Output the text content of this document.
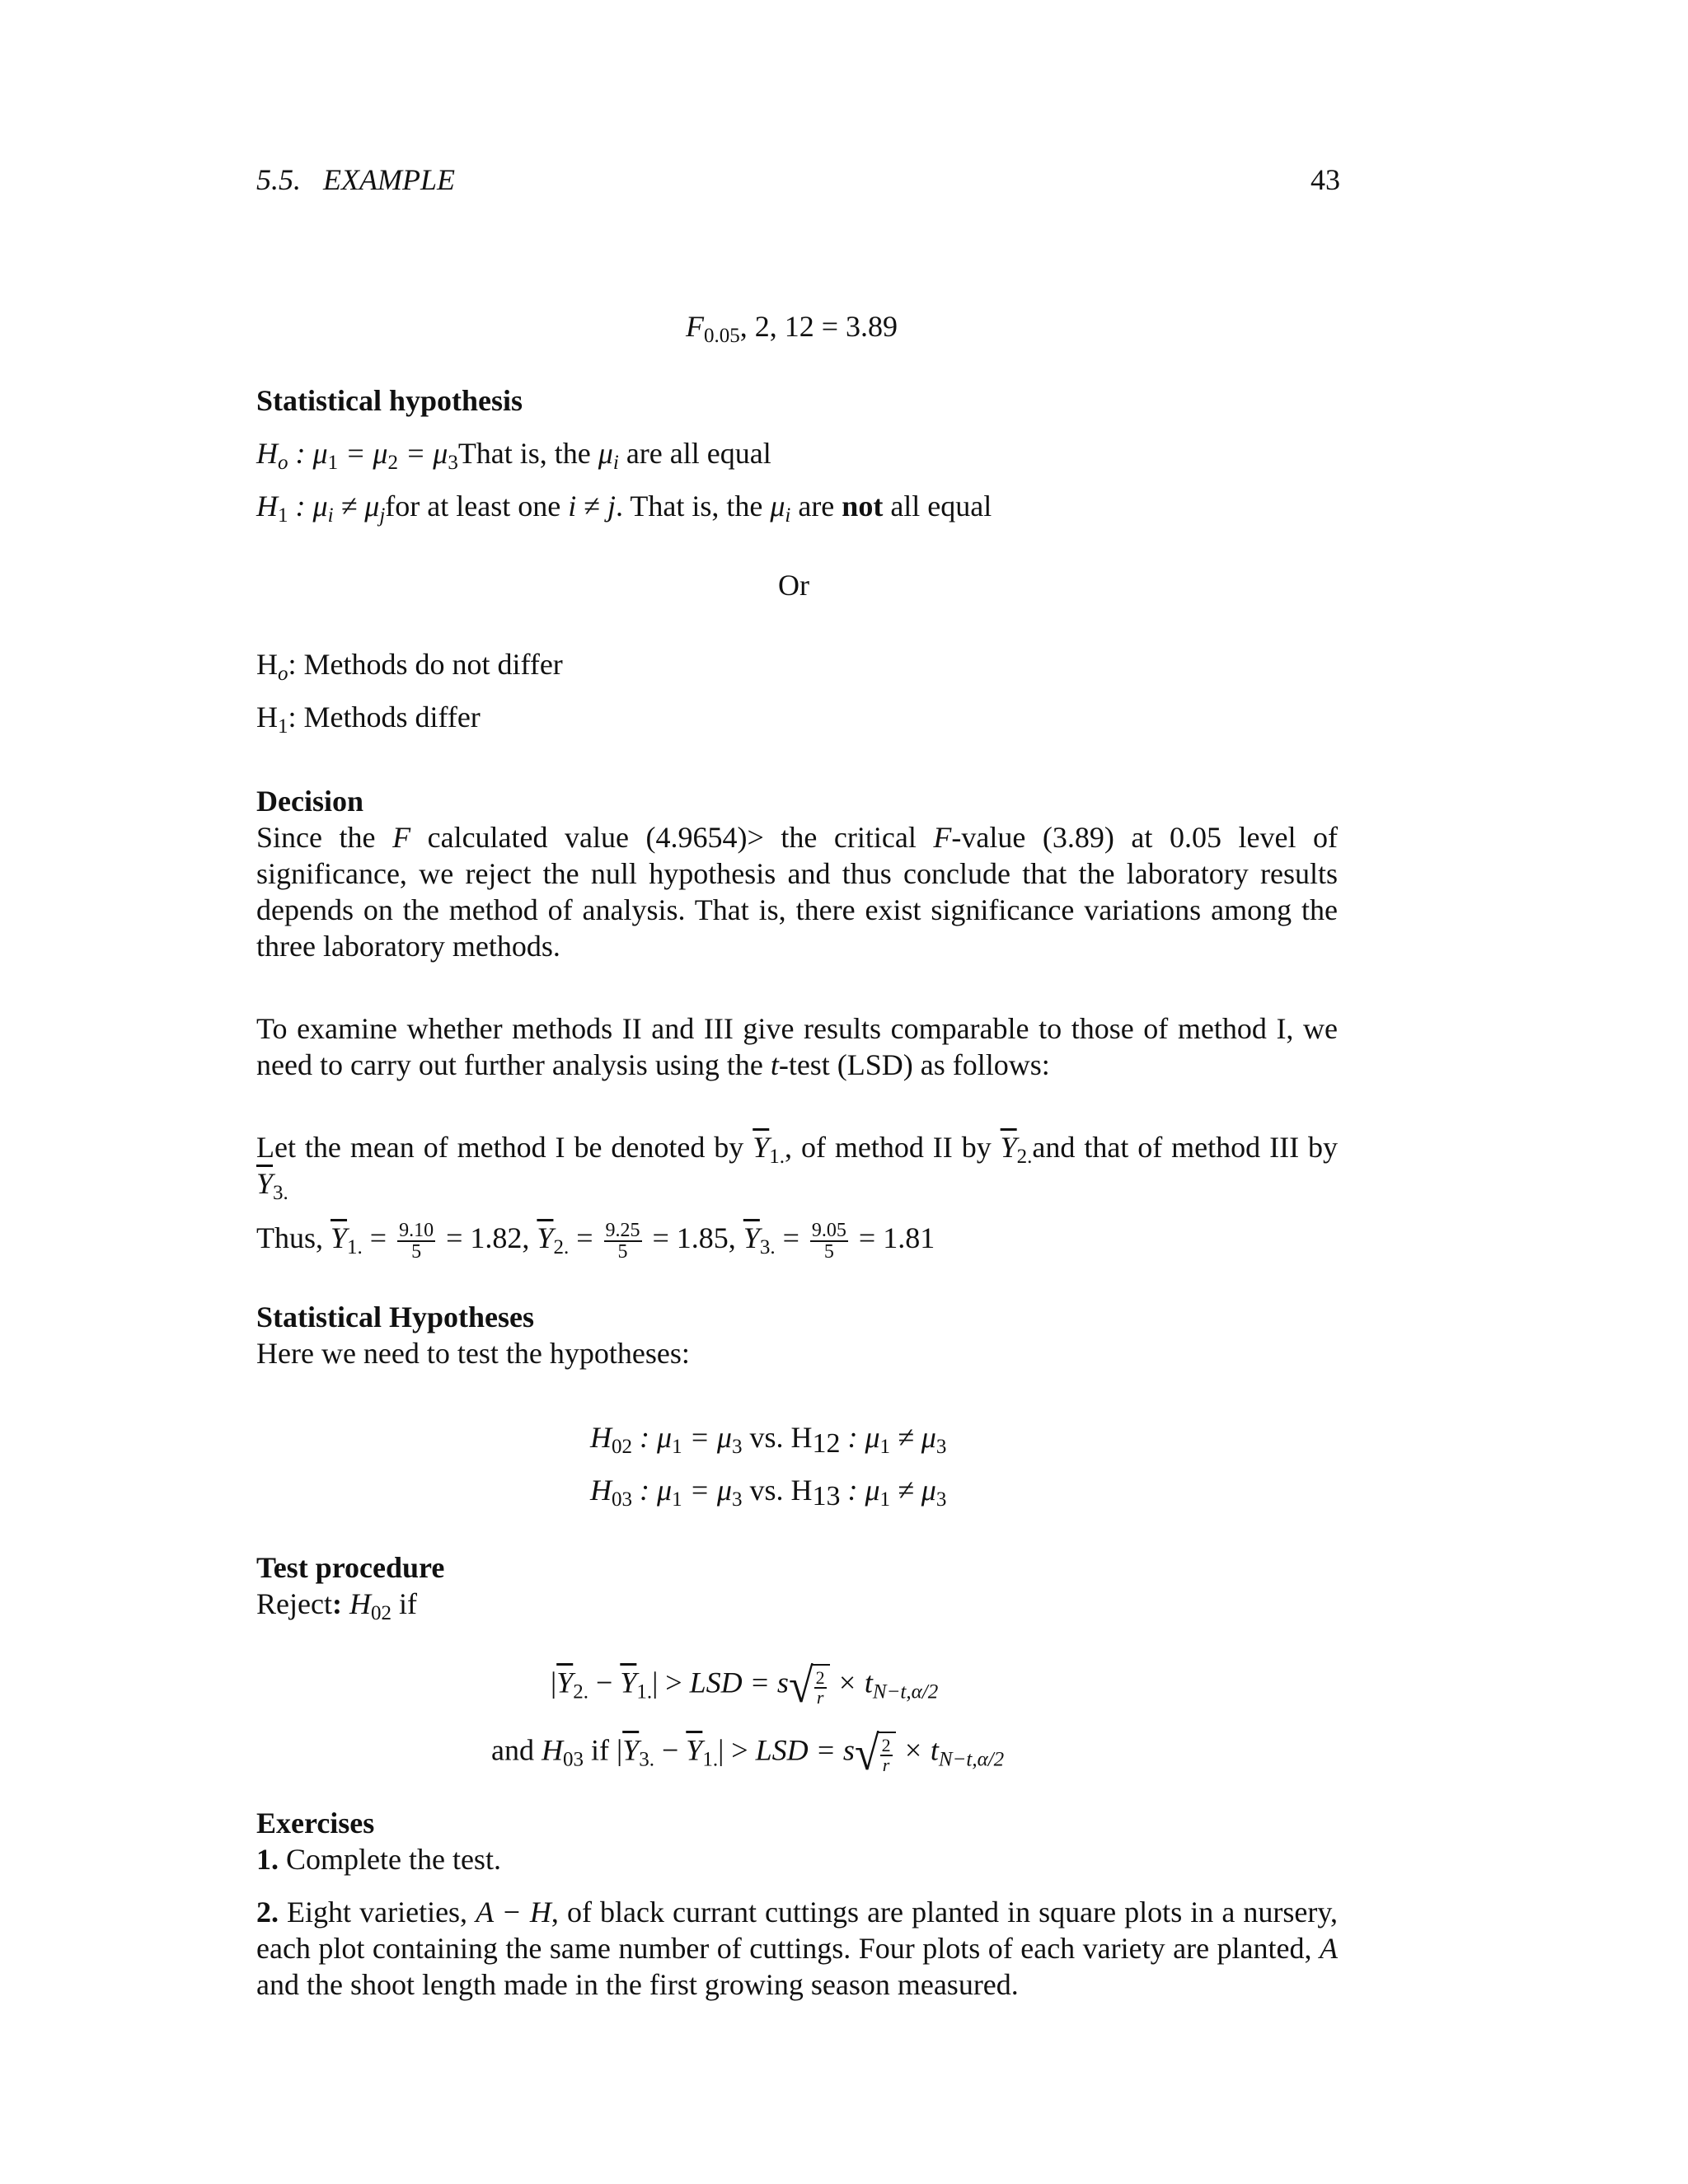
5.5. EXAMPLE	43
$F_{0.05}$, 2, 12 = 3.89
Statistical hypothesis
$H_o$ : $\mu_1 = \mu_2$ = $\mu_3That$ is, the $\mu_i$ are all equal
$H_1$ : $\mu_i \ne \mu_jfor$ at least one i ≠ j. That is, the $\mu_i$ are not all equal
Or
$H_o$: Methods do not differ
$H_1$: Methods differ
Decision
Since the F calculated value (4.9654)> the critical F-value (3.89) at 0.05 level of significance, we reject the null hypothesis and thus conclude that the laboratory results depends on the method of analysis. That is, there exist significance variations among the three laboratory methods.
To examine whether methods II and III give results comparable to those of method I, we need to carry out further analysis using the t-test (LSD) as follows:
Let the mean of method I be denoted by $\overline{Y}_{1.}$, of method II by $\overline{Y}_{2.}and$ that of method III by $\overline{Y}_{3.}$
Thus, $\overline{Y}_{1.} = \frac{9.10}{5} = 1.82$, $\overline{Y}_{2.} = \frac{9.25}{5} = 1.85$, $\overline{Y}_{3.} = \frac{9.05}{5} = 1.81$
Statistical Hypotheses
Here we need to test the hypotheses:
$H_{02}$ : $\mu_1 = \mu_3$ vs. $H_{12}$ : $\mu_1 \ne \mu_3$
$H_{03}$ : $\mu_1 = \mu_3$ vs. $H_{13}$ : $\mu_1 \ne \mu_3$
Test procedure
Reject: $H_{02}$ if
$|\overline{Y}_{2.} - \overline{Y}_{1.}|$ > LSD = $s√ \frac{2}{r} \times t_{N-t,\alpha/2}$
and $H_{03}$ if $|\overline{Y}_{3.} - \overline{Y}_{1.}|$ > LSD = $s√ \frac{2}{r} \times t_{N-t,\alpha/2}$
Exercises
1. Complete the test.
2. Eight varieties, A − H, of black currant cuttings are planted in square plots in a nursery, each plot containing the same number of cuttings. Four plots of each variety are planted, A and the shoot length made in the first growing season measured.
